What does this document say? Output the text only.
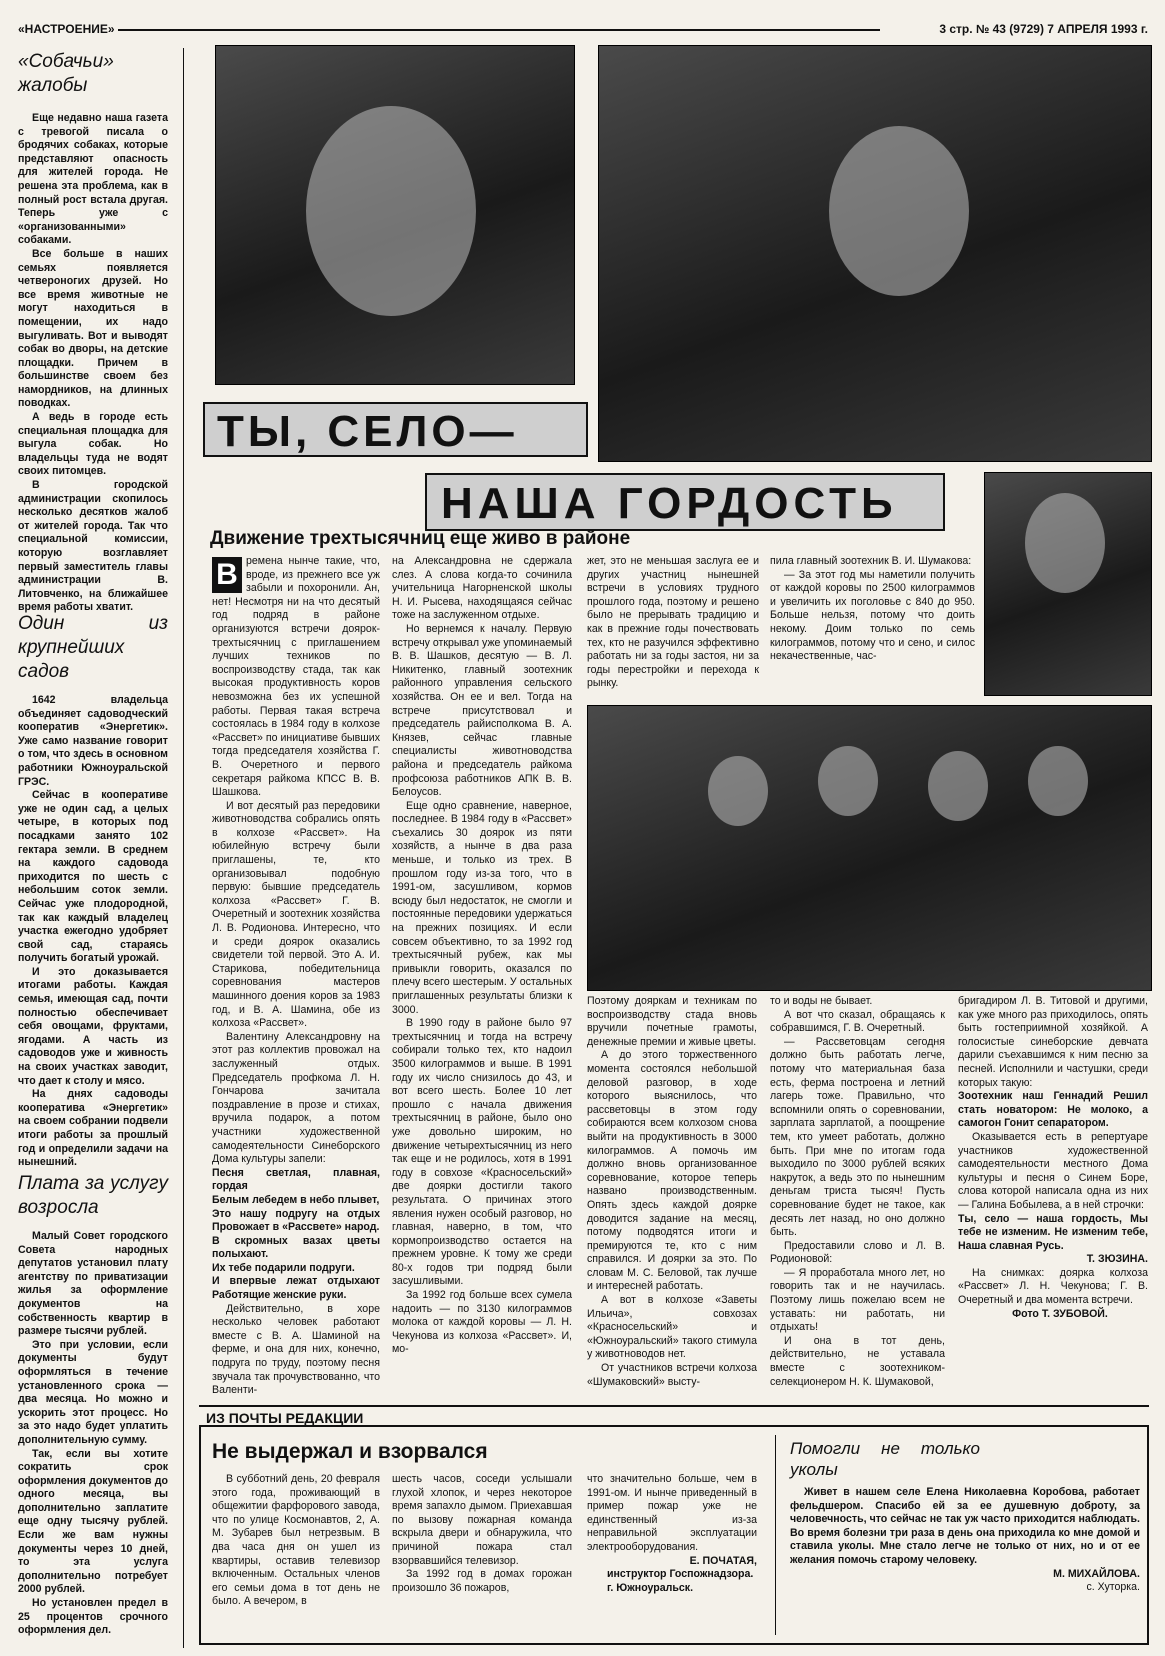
«НАСТРОЕНИЕ»	3 стр. № 43 (9729) 7 АПРЕЛЯ 1993 г.
«Собачьи» жалобы

Еще недавно наша газета с тревогой писала о бродячих собаках, которые представляют опасность для жителей города. Не решена эта проблема, как в полный рост встала другая. Теперь уже с «организованными» собаками.

Все больше в наших семьях появляется четвероногих друзей. Но все время животные не могут находиться в помещении, их надо выгуливать. Вот и выводят собак во дворы, на детские площадки. Причем в большинстве своем без намордников, на длинных поводках.

А ведь в городе есть специальная площадка для выгула собак. Но владельцы туда не водят своих питомцев.

В городской администрации скопилось несколько десятков жалоб от жителей города. Так что специальной комиссии, которую возглавляет первый заместитель главы администрации В. Литовченко, на ближайшее время работы хватит.

Один из крупнейших садов

1642 владельца объединяет садоводческий кооператив «Энергетик». Уже само название говорит о том, что здесь в основном работники Южноуральской ГРЭС.

Сейчас в кооперативе уже не один сад, а целых четыре, в которых под посадками занято 102 гектара земли. В среднем на каждого садовода приходится по шесть с небольшим соток земли. Сейчас уже плодородной, так как каждый владелец участка ежегодно удобряет свой сад, стараясь получить богатый урожай.

И это доказывается итогами работы. Каждая семья, имеющая сад, почти полностью обеспечивает себя овощами, фруктами, ягодами. А часть из садоводов уже и живность на своих участках заводит, что дает к столу и мясо.

На днях садоводы кооператива «Энергетик» на своем собрании подвели итоги работы за прошлый год и определили задачи на нынешний.

Плата за услугу возросла

Малый Совет городского Совета народных депутатов установил плату агентству по приватизации жилья за оформление документов на собственность квартир в размере тысячи рублей.

Это при условии, если документы будут оформляться в течение установленного срока — два месяца. Но можно и ускорить этот процесс. Но за это надо будет уплатить дополнительную сумму.

Так, если вы хотите сократить срок оформления документов до одного месяца, вы дополнительно заплатите еще одну тысячу рублей. Если же вам нужны документы через 10 дней, то эта услуга дополнительно потребует 2000 рублей.

Но установлен предел в 25 процентов срочного оформления дел.

ТЫ, СЕЛО—
НАША ГОРДОСТЬ
Движение трехтысячниц еще живо в районе
В ремена нынче такие, что, вроде, из прежнего все уж забыли и похоронили. Ан, нет! Несмотря ни на что десятый год подряд в районе организуются встречи доярок-трехтысячниц с приглашением лучших техников по воспроизводству стада, так как высокая продуктивность коров невозможна без их успешной работы. Первая такая встреча состоялась в 1984 году в колхозе «Рассвет» по инициативе бывших тогда председателя хозяйства Г. В. Очеретного и первого секретаря райкома КПСС В. В. Шашкова.

И вот десятый раз передовики животноводства собрались опять в колхозе «Рассвет». На юбилейную встречу были приглашены, те, кто организовывал подобную первую: бывшие председатель колхоза «Рассвет» Г. В. Очеретный и зоотехник хозяйства Л. В. Родионова. Интересно, что и среди доярок оказались свидетели той первой. Это А. И. Старикова, победительница соревнования мастеров машинного доения коров за 1983 год, и В. А. Шамина, обе из колхоза «Рассвет».

Валентину Александровну на этот раз коллектив провожал на заслуженный отдых. Председатель профкома Л. Н. Гончарова зачитала поздравление в прозе и стихах, вручила подарок, а потом участники художественной самодеятельности Синеборского Дома культуры запели:

Песня светлая, плавная, гордая

Белым лебедем в небо плывет,

Это нашу подругу на отдых Провожает в «Рассвете» народ.

В скромных вазах цветы полыхают.

Их тебе подарили подруги.

И впервые лежат отдыхают Работящие женские руки.

Действительно, в хоре несколько человек работают вместе с В. А. Шаминой на ферме, и она для них, конечно, подруга по труду, поэтому песня звучала так прочувствованно, что Валенти-

на Александровна не сдержала слез. А слова когда-то сочинила учительница Нагорненской школы Н. И. Рысева, находящаяся сейчас тоже на заслуженном отдыхе.

Но вернемся к началу. Первую встречу открывал уже упоминаемый В. В. Шашков, десятую — В. Л. Никитенко, главный зоотехник районного управления сельского хозяйства. Он ее и вел. Тогда на встрече присутствовал и председатель райисполкома В. А. Князев, сейчас главные специалисты животноводства района и председатель райкома профсоюза работников АПК В. В. Белоусов.

Еще одно сравнение, наверное, последнее. В 1984 году в «Рассвет» съехались 30 доярок из пяти хозяйств, а нынче в два раза меньше, и только из трех. В прошлом году из-за того, что в 1991-ом, засушливом, кормов всюду был недостаток, не смогли и постоянные передовики удержаться на прежних позициях. И если совсем объективно, то за 1992 год трехтысячный рубеж, как мы привыкли говорить, оказался по плечу всего шестерым. У остальных приглашенных результаты близки к 3000.

В 1990 году в районе было 97 трехтысячниц и тогда на встречу собирали только тех, кто надоил 3500 килограммов и выше. В 1991 году их число снизилось до 43, и вот всего шесть. Более 10 лет прошло с начала движения трехтысячниц в районе, было оно уже довольно широким, но движение четырехтысячниц из него так еще и не родилось, хотя в 1991 году в совхозе «Красносельский» две доярки достигли такого результата. О причинах этого явления нужен особый разговор, но главная, наверно, в том, что кормопроизводство остается на прежнем уровне. К тому же среди 80-х годов три подряд были засушливыми.

За 1992 год больше всех сумела надоить — по 3130 килограммов молока от каждой коровы — Л. Н. Чекунова из колхоза «Рассвет». И, мо-

жет, это не меньшая заслуга ее и других участниц нынешней встречи в условиях трудного прошлого года, поэтому и решено было не прерывать традицию и как в прежние годы почествовать тех, кто не разучился эффективно работать ни за годы застоя, ни за годы перестройки и перехода к рынку.

пила главный зоотехник В. И. Шумакова:

— За этот год мы наметили получить от каждой коровы по 2500 килограммов и увеличить их поголовье с 840 до 950. Больше нельзя, потому что доить некому. Доим только по семь килограммов, потому что и сено, и силос некачественные, час-

Поэтому дояркам и техникам по воспроизводству стада вновь вручили почетные грамоты, денежные премии и живые цветы.

А до этого торжественного момента состоялся небольшой деловой разговор, в ходе которого выяснилось, что рассветовцы в этом году собираются всем колхозом снова выйти на продуктивность в 3000 килограммов. А помочь им должно вновь организованное соревнование, которое теперь названо производственным. Опять здесь каждой доярке доводится задание на месяц, потому подводятся итоги и премируются те, кто с ним справился. И доярки за это. По словам М. С. Беловой, так лучше и интересней работать.

А вот в колхозе «Заветы Ильича», совхозах «Красносельский» и «Южноуральский» такого стимула у животноводов нет.

От участников встречи колхоза «Шумаковский» высту-

то и воды не бывает.

А вот что сказал, обращаясь к собравшимся, Г. В. Очеретный.

— Рассветовцам сегодня должно быть работать легче, потому что материальная база есть, ферма построена и летний лагерь тоже. Правильно, что вспомнили опять о соревновании, зарплата зарплатой, а поощрение тем, кто умеет работать, должно быть. При мне по итогам года выходило по 3000 рублей всяких накруток, а ведь это по нынешним деньгам триста тысяч! Пусть соревнование будет не такое, как десять лет назад, но оно должно быть.

Предоставили слово и Л. В. Родионовой:

— Я проработала много лет, но говорить так и не научилась. Поэтому лишь пожелаю всем не уставать: ни работать, ни отдыхать!

И она в тот день, действительно, не уставала вместе с зоотехником-селекционером Н. К. Шумаковой,

бригадиром Л. В. Титовой и другими, как уже много раз приходилось, опять быть гостеприимной хозяйкой. А голосистые синеборские девчата дарили съехавшимся к ним песню за песней. Исполнили и частушки, среди которых такую:

Зоотехник наш Геннадий Решил стать новатором: Не молоко, а самогон Гонит сепаратором.

Оказывается есть в репертуаре участников художественной самодеятельности местного Дома культуры и песня о Синем Боре, слова которой написала одна из них — Галина Бобылева, а в ней строчки:

Ты, село — наша гордость, Мы тебе не изменим. Не изменим тебе, Наша славная Русь.

Т. ЗЮЗИНА.

На снимках: доярка колхоза «Рассвет» Л. Н. Чекунова; Г. В. Очеретный и два момента встречи.

Фото Т. ЗУБОВОЙ.

ИЗ ПОЧТЫ РЕДАКЦИИ
Не выдержал и взорвался

В субботний день, 20 февраля этого года, проживающий в общежитии фарфорового завода, что по улице Космонавтов, 2, А. М. Зубарев был нетрезвым. В два часа дня он ушел из квартиры, оставив телевизор включенным. Остальных членов его семьи дома в тот день не было. А вечером, в

шесть часов, соседи услышали глухой хлопок, и через некоторое время запахло дымом. Приехавшая по вызову пожарная команда вскрыла двери и обнаружила, что причиной пожара стал взорвавшийся телевизор.

За 1992 год в домах горожан произошло 36 пожаров,

что значительно больше, чем в 1991-ом. И нынче приведенный в пример пожар уже не единственный из-за неправильной эксплуатации электрооборудования.

Е. ПОЧАТАЯ,

инструктор Госпожнадзора.

г. Южноуральск.

Помогли не только уколы

Живет в нашем селе Елена Николаевна Коробова, работает фельдшером. Спасибо ей за ее душевную доброту, за человечность, что сейчас не так уж часто приходится наблюдать. Во время болезни три раза в день она приходила ко мне домой и ставила уколы. Мне стало легче не только от них, но и от ее желания помочь старому человеку.

М. МИХАЙЛОВА.

с. Хуторка.
